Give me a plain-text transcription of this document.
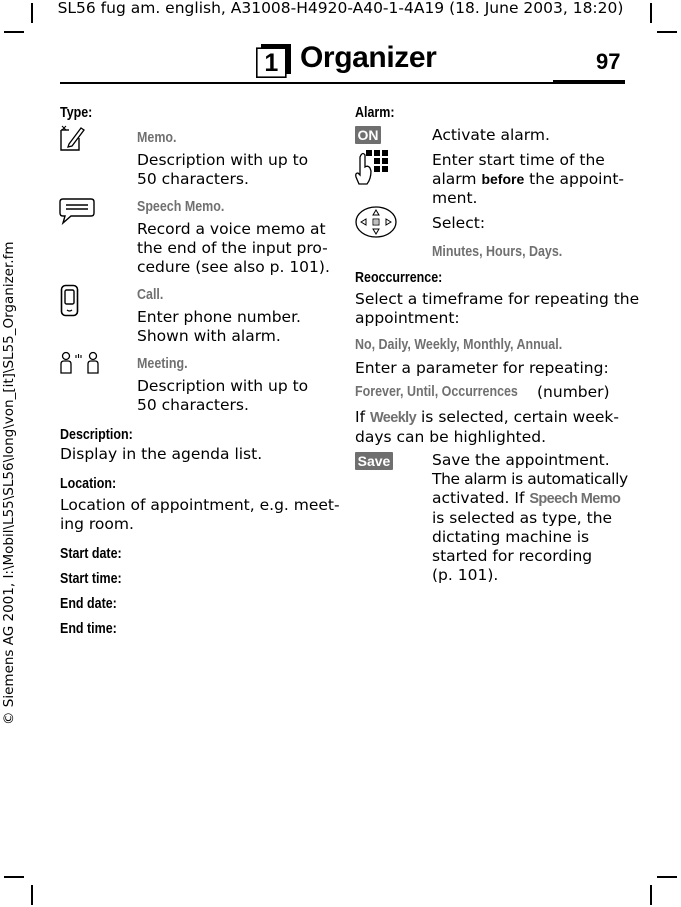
SL56 fug am. english, A31008-H4920-A40-1-4A19 (18. June 2003, 18:20)
© Siemens AG 2001, I:\Mobil\L55\SL56\long\von_[it]\SL55_Organizer.fm
1 Organizer	97
Type:
Memo.
Description with up to
50 characters.
Speech Memo.
Record a voice memo at
the end of the input pro-
cedure (see also p. 101).
Call.
Enter phone number.
Shown with alarm.
Meeting.
Description with up to
50 characters.
Description:
Display in the agenda list.
Location:
Location of appointment, e.g. meet-
ing room.
Start date:
Start time:
End date:
End time:
Alarm:
ON	Activate alarm.
Enter start time of the
alarm before the appoint-
ment.
Select:
Minutes, Hours, Days.
Reoccurrence:
Select a timeframe for repeating the
appointment:
No, Daily, Weekly, Monthly, Annual.
Enter a parameter for repeating:
Forever, Until, Occurrences	(number)
If Weekly is selected, certain week-
days can be highlighted.
Save	Save the appointment.
The alarm is automatically
activated. If Speech Memo
is selected as type, the
dictating machine is
started for recording
(p. 101).
